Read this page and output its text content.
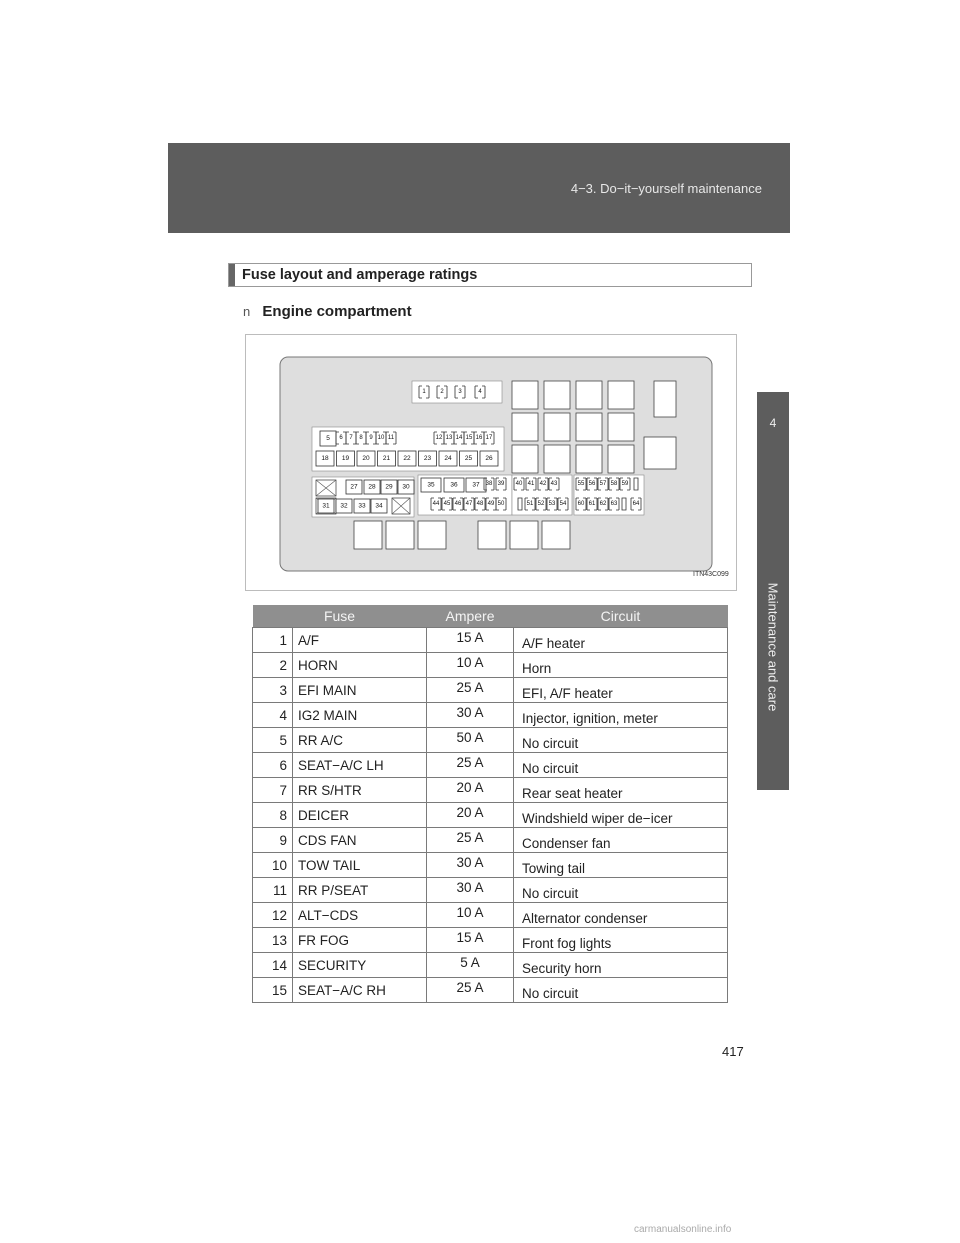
4−3. Do−it−yourself maintenance
4
Maintenance and care
Fuse layout and amperage ratings
n Engine compartment
1 2 3	4
5 6 7 8 9 10 11	12 13 14 15 16 17
18 19 20 21 22 23 24 25 26
27 28 29 30
31 32 33 34
35 36 37 38 39
44 45 46 47 48 49 50
40 41 42 43
51 52 53 54
55 56 57 58 59
60 61 62 63	64
ITN43C099
Fuse		Ampere	Circuit
1	A/F	15 A	A/F heater
2	HORN	10 A	Horn
3	EFI MAIN	25 A	EFI, A/F heater
4	IG2 MAIN	30 A	Injector, ignition, meter
5	RR A/C	50 A	No circuit
6	SEAT−A/C LH	25 A	No circuit
7	RR S/HTR	20 A	Rear seat heater
8	DEICER	20 A	Windshield wiper de−icer
9	CDS FAN	25 A	Condenser fan
10	TOW TAIL	30 A	Towing tail
11	RR P/SEAT	30 A	No circuit
12	ALT−CDS	10 A	Alternator condenser
13	FR FOG	15 A	Front fog lights
14	SECURITY	5 A	Security horn
15	SEAT−A/C RH	25 A	No circuit
417
carmanualsonline.info
